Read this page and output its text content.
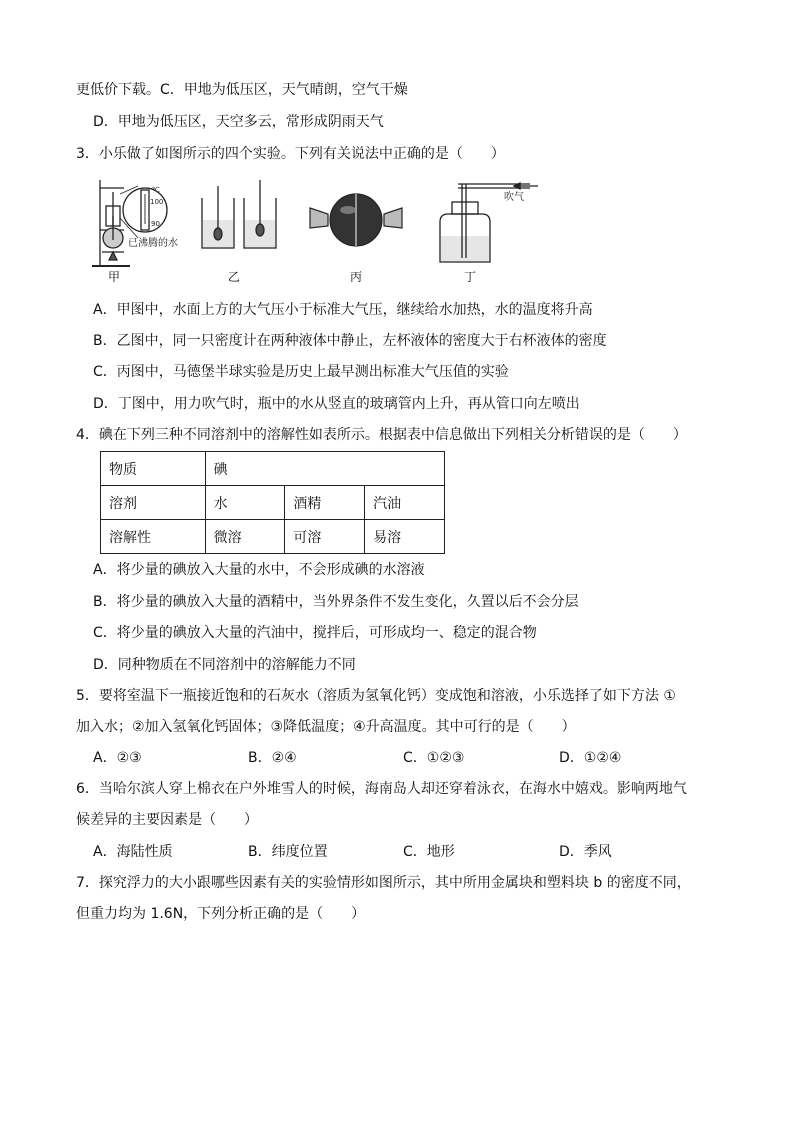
更低价下载。C．甲地为低压区，天气晴朗，空气干燥
D．甲地为低压区，天空多云，常形成阴雨天气
3．小乐做了如图所示的四个实验。下列有关说法中正确的是（　　）
℃
100
90
已沸腾的水
吹气
甲	乙	丙	丁
A．甲图中，水面上方的大气压小于标准大气压，继续给水加热，水的温度将升高
B．乙图中，同一只密度计在两种液体中静止，左杯液体的密度大于右杯液体的密度
C．丙图中，马德堡半球实验是历史上最早测出标准大气压值的实验
D．丁图中，用力吹气时，瓶中的水从竖直的玻璃管内上升，再从管口向左喷出
4．碘在下列三种不同溶剂中的溶解性如表所示。根据表中信息做出下列相关分析错误的是（　　）
物质	碘		
溶剂	水	酒精	汽油
溶解性	微溶	可溶	易溶
A．将少量的碘放入大量的水中，不会形成碘的水溶液
B．将少量的碘放入大量的酒精中，当外界条件不发生变化，久置以后不会分层
C．将少量的碘放入大量的汽油中，搅拌后，可形成均一、稳定的混合物
D．同种物质在不同溶剂中的溶解能力不同
5．要将室温下一瓶接近饱和的石灰水（溶质为氢氧化钙）变成饱和溶液，小乐选择了如下方法 ①
加入水；②加入氢氧化钙固体；③降低温度；④升高温度。其中可行的是（　　）
A．②③	B．②④	C．①②③	D．①②④
6．当哈尔滨人穿上棉衣在户外堆雪人的时候，海南岛人却还穿着泳衣，在海水中嬉戏。影响两地气
候差异的主要因素是（　　）
A．海陆性质	B．纬度位置	C．地形	D．季风
7．探究浮力的大小跟哪些因素有关的实验情形如图所示，其中所用金属块和塑料块 b 的密度不同，
但重力均为 1.6N，下列分析正确的是（　　）
